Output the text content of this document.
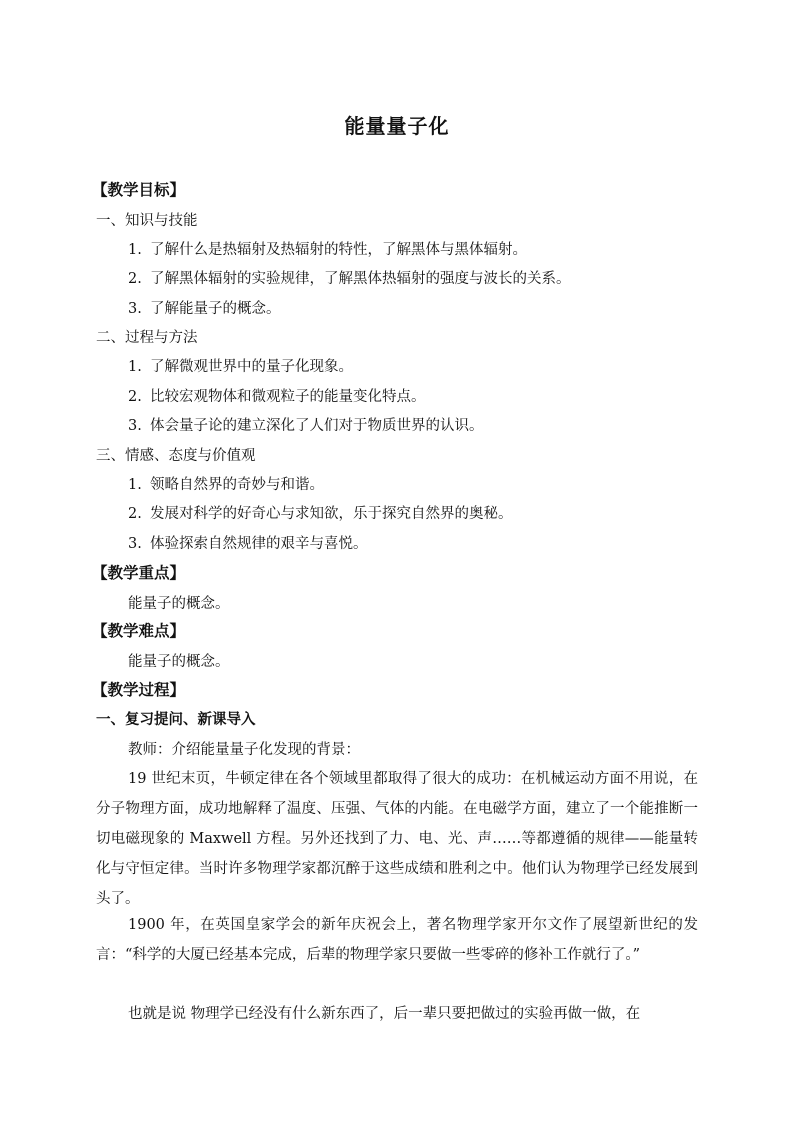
能量量子化
【教学目标】
一、知识与技能
1. 了解什么是热辐射及热辐射的特性，了解黑体与黑体辐射。
2. 了解黑体辐射的实验规律，了解黑体热辐射的强度与波长的关系。
3. 了解能量子的概念。
二、过程与方法
1. 了解微观世界中的量子化现象。
2. 比较宏观物体和微观粒子的能量变化特点。
3. 体会量子论的建立深化了人们对于物质世界的认识。
三、情感、态度与价值观
1. 领略自然界的奇妙与和谐。
2. 发展对科学的好奇心与求知欲，乐于探究自然界的奥秘。
3. 体验探索自然规律的艰辛与喜悦。
【教学重点】
能量子的概念。
【教学难点】
能量子的概念。
【教学过程】
一、复习提问、新课导入
教师：介绍能量量子化发现的背景：
19 世纪末页，牛顿定律在各个领域里都取得了很大的成功：在机械运动方面不用说，在分子物理方面，成功地解释了温度、压强、气体的内能。在电磁学方面，建立了一个能推断一切电磁现象的 Maxwell 方程。另外还找到了力、电、光、声……等都遵循的规律——能量转化与守恒定律。当时许多物理学家都沉醉于这些成绩和胜利之中。他们认为物理学已经发展到头了。
1900 年，在英国皇家学会的新年庆祝会上，著名物理学家开尔文作了展望新世纪的发言：“科学的大厦已经基本完成，后辈的物理学家只要做一些零碎的修补工作就行了。”
也就是说 物理学已经没有什么新东西了，后一辈只要把做过的实验再做一做，在
